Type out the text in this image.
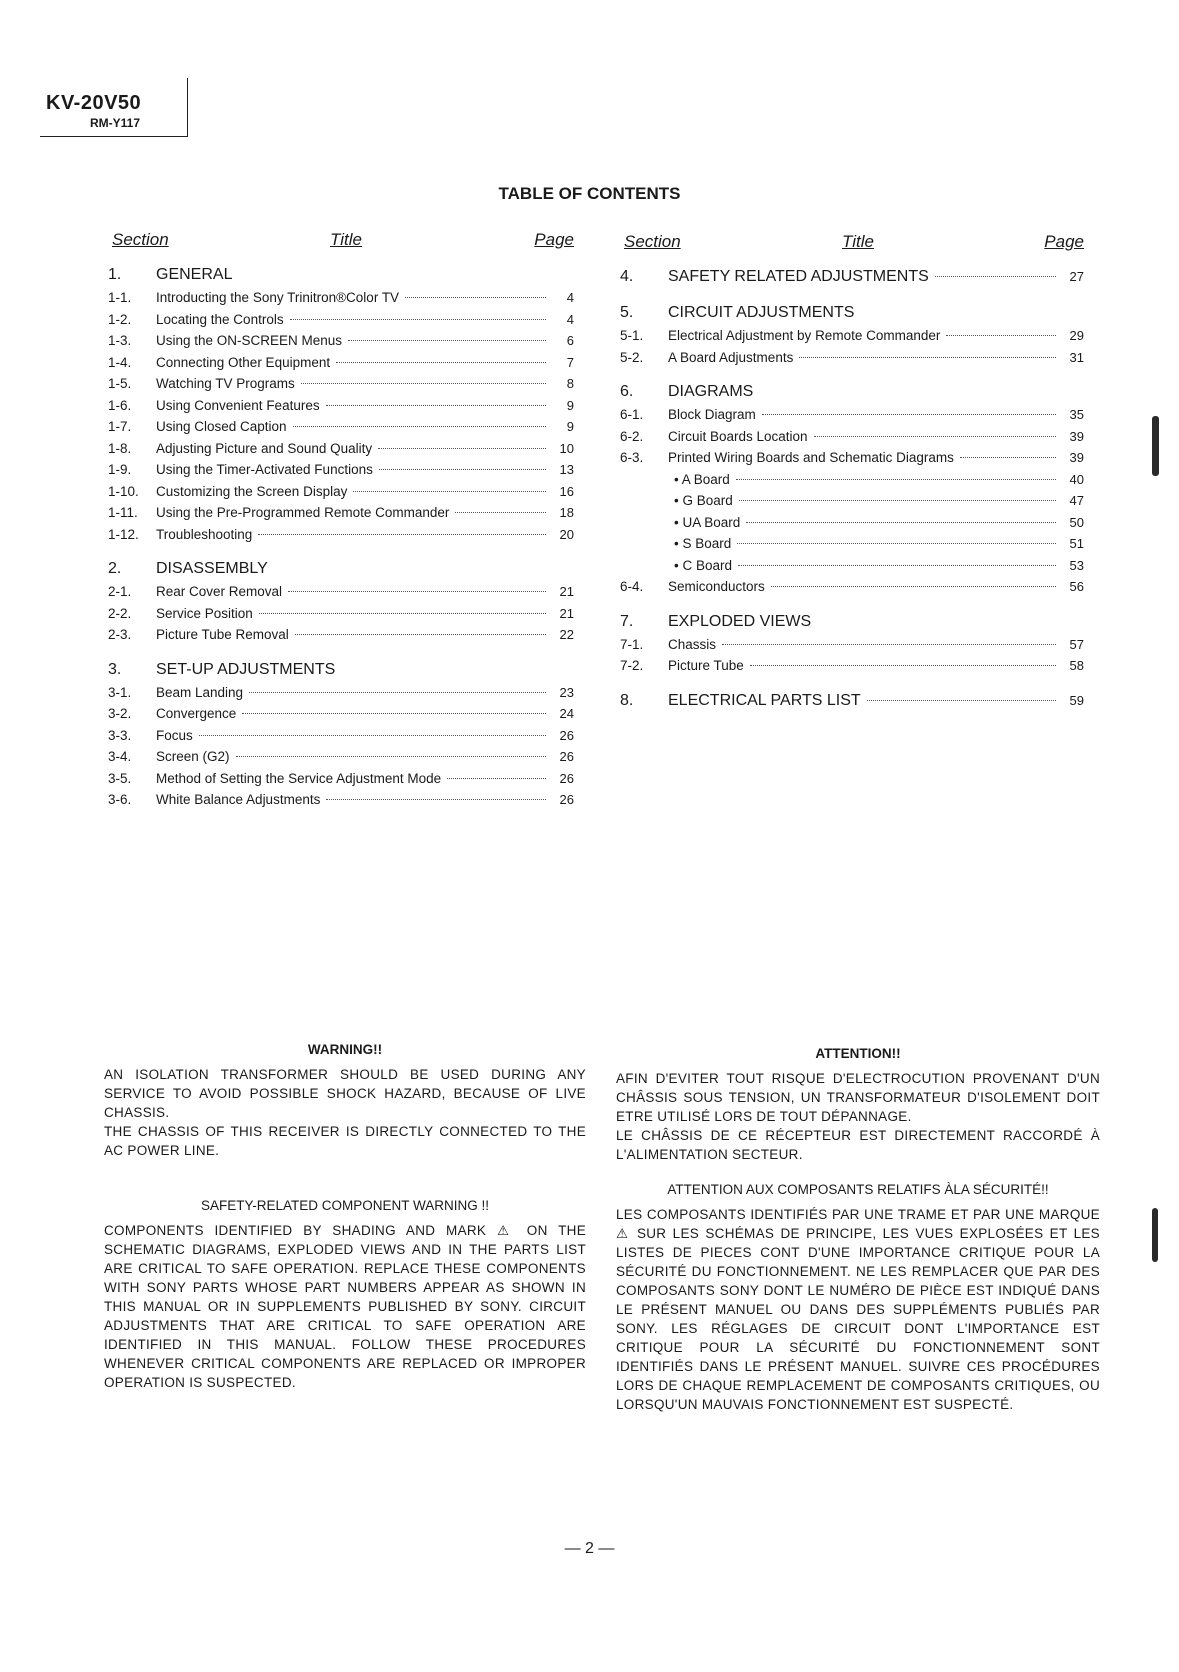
KV-20V50
RM-Y117
TABLE OF CONTENTS
Section	Title	Page
1.	GENERAL
1-1.	Introducting the Sony Trinitron®Color TV	4
1-2.	Locating the Controls	4
1-3.	Using the ON-SCREEN Menus	6
1-4.	Connecting Other Equipment	7
1-5.	Watching TV Programs	8
1-6.	Using Convenient Features	9
1-7.	Using Closed Caption	9
1-8.	Adjusting Picture and Sound Quality	10
1-9.	Using the Timer-Activated Functions	13
1-10.	Customizing the Screen Display	16
1-11.	Using the Pre-Programmed Remote Commander	18
1-12.	Troubleshooting	20
2.	DISASSEMBLY
2-1.	Rear Cover Removal	21
2-2.	Service Position	21
2-3.	Picture Tube Removal	22
3.	SET-UP ADJUSTMENTS
3-1.	Beam Landing	23
3-2.	Convergence	24
3-3.	Focus	26
3-4.	Screen (G2)	26
3-5.	Method of Setting the Service Adjustment Mode	26
3-6.	White Balance Adjustments	26
Section	Title	Page
4.	SAFETY RELATED ADJUSTMENTS	27
5.	CIRCUIT ADJUSTMENTS
5-1.	Electrical Adjustment by Remote Commander	29
5-2.	A Board Adjustments	31
6.	DIAGRAMS
6-1.	Block Diagram	35
6-2.	Circuit Boards Location	39
6-3.	Printed Wiring Boards and Schematic Diagrams	39
• A Board	40
• G Board	47
• UA Board	50
• S Board	51
• C Board	53
6-4.	Semiconductors	56
7.	EXPLODED VIEWS
7-1.	Chassis	57
7-2.	Picture Tube	58
8.	ELECTRICAL PARTS LIST	59
WARNING!!

AN ISOLATION TRANSFORMER SHOULD BE USED DURING ANY SERVICE TO AVOID POSSIBLE SHOCK HAZARD, BECAUSE OF LIVE CHASSIS.

THE CHASSIS OF THIS RECEIVER IS DIRECTLY CONNECTED TO THE AC POWER LINE.

ATTENTION!!

AFIN D'EVITER TOUT RISQUE D'ELECTROCUTION PROVENANT D'UN CHÂSSIS SOUS TENSION, UN TRANSFORMATEUR D'ISOLEMENT DOIT ETRE UTILISÉ LORS DE TOUT DÉPANNAGE.

LE CHÂSSIS DE CE RÉCEPTEUR EST DIRECTEMENT RACCORDÉ À L'ALIMENTATION SECTEUR.

SAFETY-RELATED COMPONENT WARNING !!

COMPONENTS IDENTIFIED BY SHADING AND MARK ⚠ ON THE SCHEMATIC DIAGRAMS, EXPLODED VIEWS AND IN THE PARTS LIST ARE CRITICAL TO SAFE OPERATION. REPLACE THESE COMPONENTS WITH SONY PARTS WHOSE PART NUMBERS APPEAR AS SHOWN IN THIS MANUAL OR IN SUPPLEMENTS PUBLISHED BY SONY. CIRCUIT ADJUSTMENTS THAT ARE CRITICAL TO SAFE OPERATION ARE IDENTIFIED IN THIS MANUAL. FOLLOW THESE PROCEDURES WHENEVER CRITICAL COMPONENTS ARE REPLACED OR IMPROPER OPERATION IS SUSPECTED.

ATTENTION AUX COMPOSANTS RELATIFS ÀLA SÉCURITÉ!!

LES COMPOSANTS IDENTIFIÉS PAR UNE TRAME ET PAR UNE MARQUE ⚠ SUR LES SCHÉMAS DE PRINCIPE, LES VUES EXPLOSÉES ET LES LISTES DE PIECES CONT D'UNE IMPORTANCE CRITIQUE POUR LA SÉCURITÉ DU FONCTIONNEMENT. NE LES REMPLACER QUE PAR DES COMPOSANTS SONY DONT LE NUMÉRO DE PIÈCE EST INDIQUÉ DANS LE PRÉSENT MANUEL OU DANS DES SUPPLÉMENTS PUBLIÉS PAR SONY. LES RÉGLAGES DE CIRCUIT DONT L'IMPORTANCE EST CRITIQUE POUR LA SÉCURITÉ DU FONCTIONNEMENT SONT IDENTIFIÉS DANS LE PRÉSENT MANUEL. SUIVRE CES PROCÉDURES LORS DE CHAQUE REMPLACEMENT DE COMPOSANTS CRITIQUES, OU LORSQU'UN MAUVAIS FONCTIONNEMENT EST SUSPECTÉ.

— 2 —
